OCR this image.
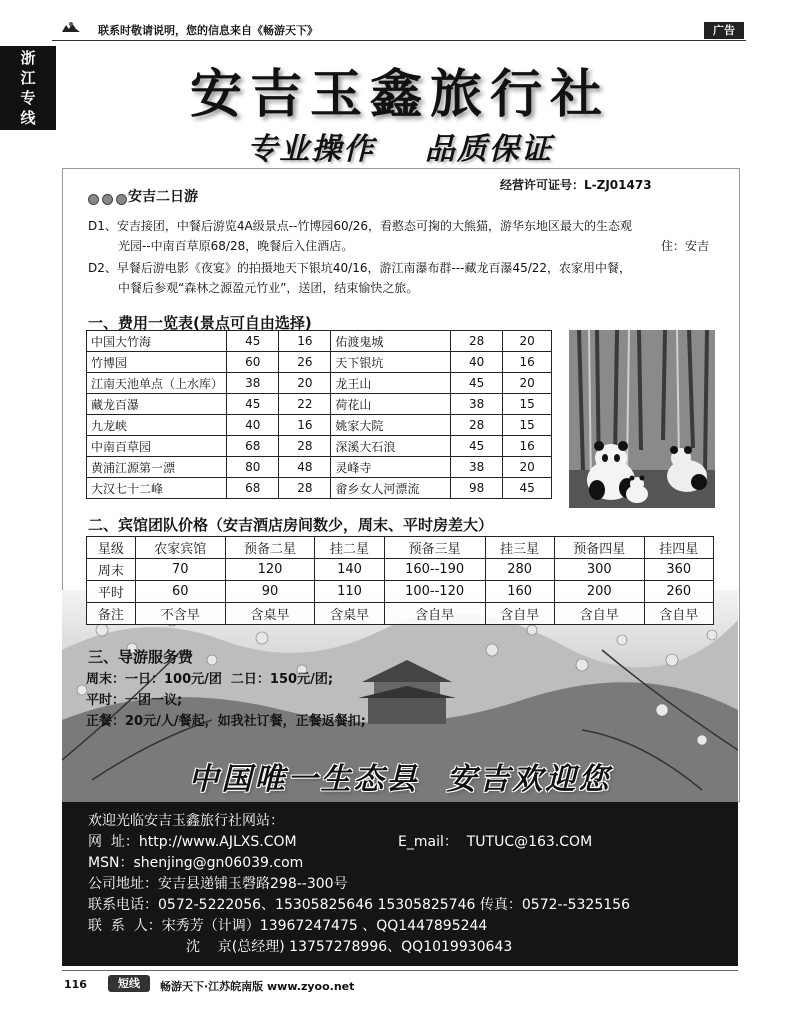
联系时敬请说明，您的信息来自《畅游天下》	广告
浙
江
专
线	安吉玉鑫旅行社
专业操作    品质保证
经营许可证号：L-ZJ01473
安吉二日游
D1、安吉接团，中餐后游览4A级景点--竹博园60/26，看憨态可掬的大熊猫，游华东地区最大的生态观
光园--中南百草原68/28，晚餐后入住酒店。	住：安吉
D2、早餐后游电影《夜宴》的拍摄地天下银坑40/16，游江南瀑布群---藏龙百瀑45/22，农家用中餐，
中餐后参观“森林之源盈元竹业”，送团，结束愉快之旅。
一、费用一览表(景点可自由选择)
中国大竹海	45	16	佑渡鬼城	28	20
竹博园	60	26	天下银坑	40	16
江南天池单点（上水库）	38	20	龙王山	45	20
藏龙百瀑	45	22	荷花山	38	15
九龙峡	40	16	姚家大院	28	15
中南百草园	68	28	深溪大石浪	45	16
黄浦江源第一漂	80	48	灵峰寺	38	20
大汉七十二峰	68	28	畲乡女人河漂流	98	45
二、宾馆团队价格（安吉酒店房间数少，周末、平时房差大）
星级	农家宾馆	预备二星	挂二星	预备三星	挂三星	预备四星	挂四星
周末	70	120	140	160--190	280	300	360
平时	60	90	110	100--120	160	200	260
备注	不含早	含桌早	含桌早	含自早	含自早	含自早	含自早
三、导游服务费
周末：一日：100元/团  二日：150元/团;
平时：一团一议;
正餐：20元/人/餐起，如我社订餐，正餐返餐扣;
中国唯一生态县  安吉欢迎您
欢迎光临安吉玉鑫旅行社网站：
网  址：http://www.AJLXS.COM	E_mail：  TUTUC@163.COM
MSN：shenjing@gn06039.com
公司地址：安吉县递铺玉磬路298--300号
联系电话：0572-5222056、15305825646 15305825746 传真：0572--5325156
联  系  人：宋秀芳（计调）13967247475 、QQ1447895244
沈    京(总经理) 13757278996、QQ1019930643
116	短线	畅游天下·江苏皖南版 www.zyoo.net
